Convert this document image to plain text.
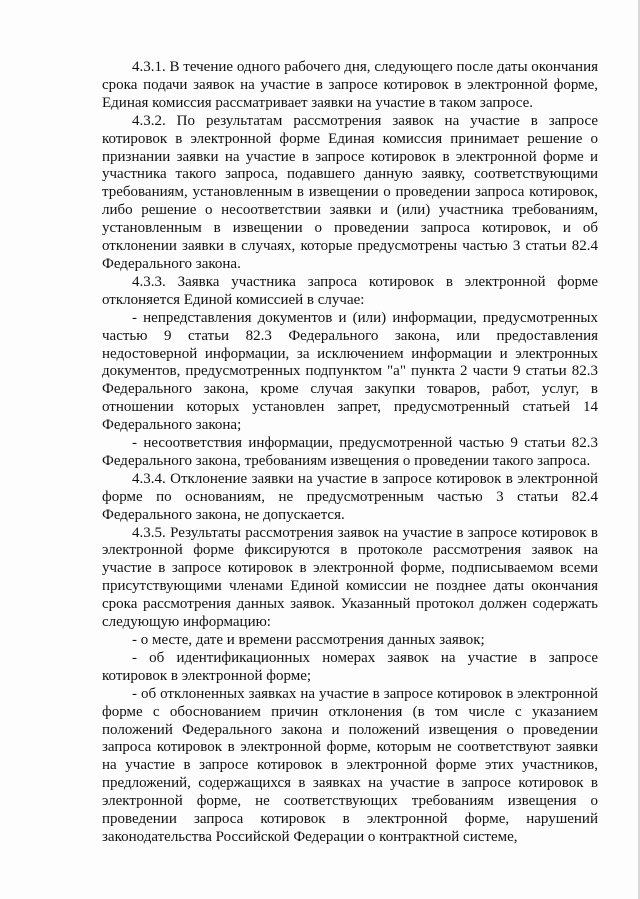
4.3.1. В течение одного рабочего дня, следующего после даты окончания срока подачи заявок на участие в запросе котировок в электронной форме, Единая комиссия рассматривает заявки на участие в таком запросе.

4.3.2. По результатам рассмотрения заявок на участие в запросе котировок в электронной форме Единая комиссия принимает решение о признании заявки на участие в запросе котировок в электронной форме и участника такого запроса, подавшего данную заявку, соответствующими требованиям, установленным в извещении о проведении запроса котировок, либо решение о несоответствии заявки и (или) участника требованиям, установленным в извещении о проведении запроса котировок, и об отклонении заявки в случаях, которые предусмотрены частью 3 статьи 82.4 Федерального закона.

4.3.3. Заявка участника запроса котировок в электронной форме отклоняется Единой комиссией в случае:

- непредставления документов и (или) информации, предусмотренных частью 9 статьи 82.3 Федерального закона, или предоставления недостоверной информации, за исключением информации и электронных документов, предусмотренных подпунктом "а" пункта 2 части 9 статьи 82.3 Федерального закона, кроме случая закупки товаров, работ, услуг, в отношении которых установлен запрет, предусмотренный статьей 14 Федерального закона;

- несоответствия информации, предусмотренной частью 9 статьи 82.3 Федерального закона, требованиям извещения о проведении такого запроса.

4.3.4. Отклонение заявки на участие в запросе котировок в электронной форме по основаниям, не предусмотренным частью 3 статьи 82.4 Федерального закона, не допускается.

4.3.5. Результаты рассмотрения заявок на участие в запросе котировок в электронной форме фиксируются в протоколе рассмотрения заявок на участие в запросе котировок в электронной форме, подписываемом всеми присутствующими членами Единой комиссии не позднее даты окончания срока рассмотрения данных заявок. Указанный протокол должен содержать следующую информацию:

- о месте, дате и времени рассмотрения данных заявок;

- об идентификационных номерах заявок на участие в запросе котировок в электронной форме;

- об отклоненных заявках на участие в запросе котировок в электронной форме с обоснованием причин отклонения (в том числе с указанием положений Федерального закона и положений извещения о проведении запроса котировок в электронной форме, которым не соответствуют заявки на участие в запросе котировок в электронной форме этих участников, предложений, содержащихся в заявках на участие в запросе котировок в электронной форме, не соответствующих требованиям извещения о проведении запроса котировок в электронной форме, нарушений законодательства Российской Федерации о контрактной системе,
